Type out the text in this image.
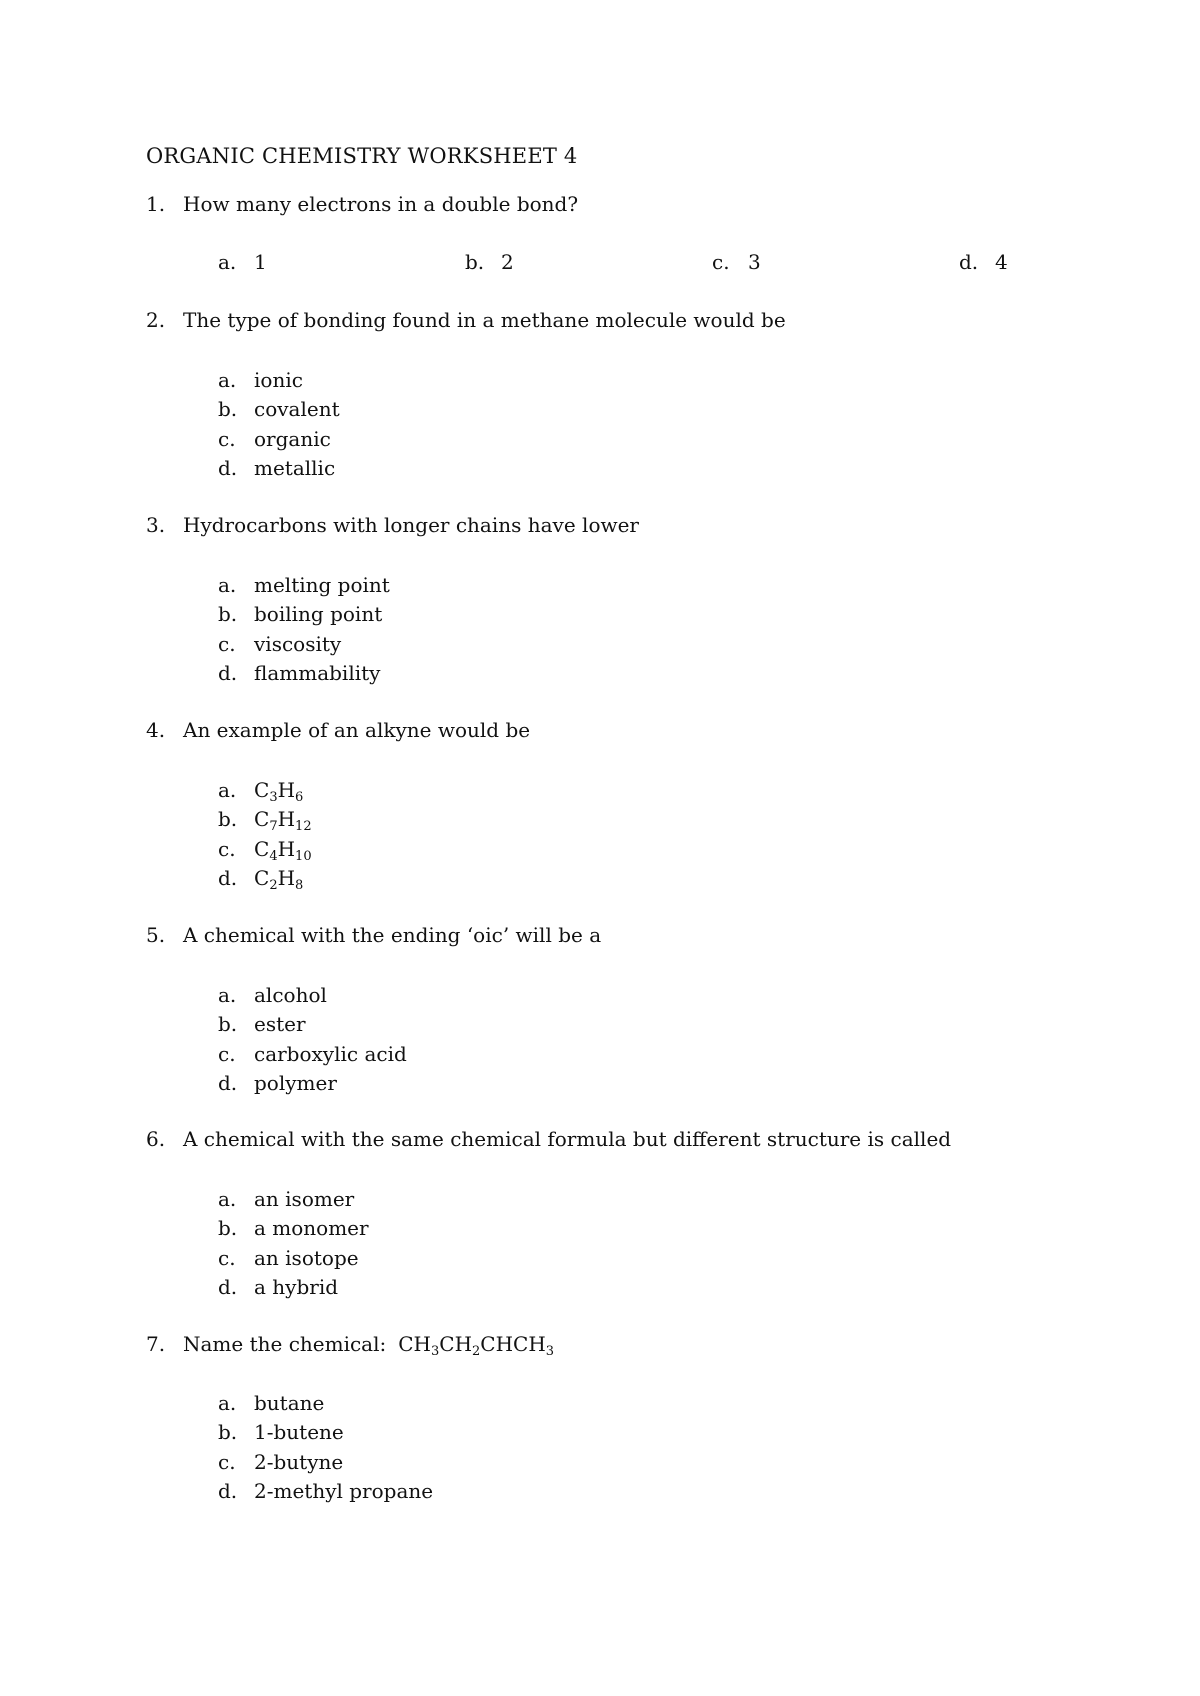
ORGANIC CHEMISTRY WORKSHEET 4
1. How many electrons in a double bond?
a. 1	b. 2	c. 3	d. 4
2. The type of bonding found in a methane molecule would be
a. ionic
b. covalent
c. organic
d. metallic
3. Hydrocarbons with longer chains have lower
a. melting point
b. boiling point
c. viscosity
d. flammability
4. An example of an alkyne would be
a. $C_3H_6$
b. $C_7H_{12}$
c. $C_4H_{10}$
d. $C_2H_8$
5. A chemical with the ending ‘oic’ will be a
a. alcohol
b. ester
c. carboxylic acid
d. polymer
6. A chemical with the same chemical formula but different structure is called
a. an isomer
b. a monomer
c. an isotope
d. a hybrid
7. Name the chemical: $CH_3CH_2CHCH_3$
a. butane
b. 1-butene
c. 2-butyne
d. 2-methyl propane
